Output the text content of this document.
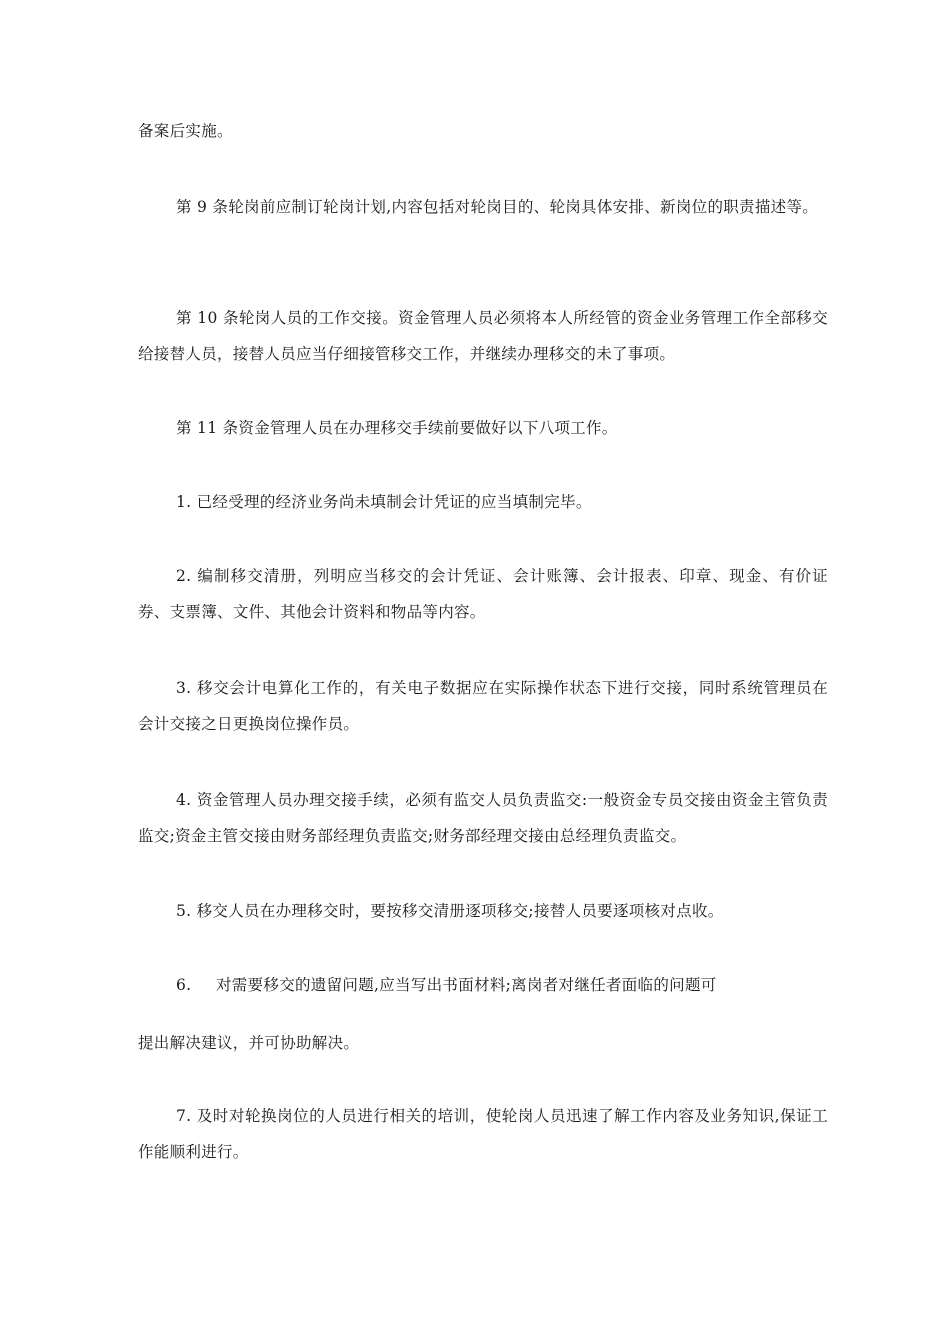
备案后实施。

第 9 条轮岗前应制订轮岗计划,内容包括对轮岗目的、轮岗具体安排、新岗位的职责描述等。

第 10 条轮岗人员的工作交接。资金管理人员必须将本人所经管的资金业务管理工作全部移交给接替人员，接替人员应当仔细接管移交工作，并继续办理移交的未了事项。

第 11 条资金管理人员在办理移交手续前要做好以下八项工作。

1. 已经受理的经济业务尚未填制会计凭证的应当填制完毕。

2. 编制移交清册，列明应当移交的会计凭证、会计账簿、会计报表、印章、现金、有价证券、支票簿、文件、其他会计资料和物品等内容。

3. 移交会计电算化工作的，有关电子数据应在实际操作状态下进行交接，同时系统管理员在会计交接之日更换岗位操作员。

4. 资金管理人员办理交接手续，必须有监交人员负责监交:一般资金专员交接由资金主管负责监交;资金主管交接由财务部经理负责监交;财务部经理交接由总经理负责监交。

5. 移交人员在办理移交时，要按移交清册逐项移交;接替人员要逐项核对点收。

6. 对需要移交的遗留问题,应当写出书面材料;离岗者对继任者面临的问题可

提出解决建议，并可协助解决。

7. 及时对轮换岗位的人员进行相关的培训，使轮岗人员迅速了解工作内容及业务知识,保证工作能顺利进行。
